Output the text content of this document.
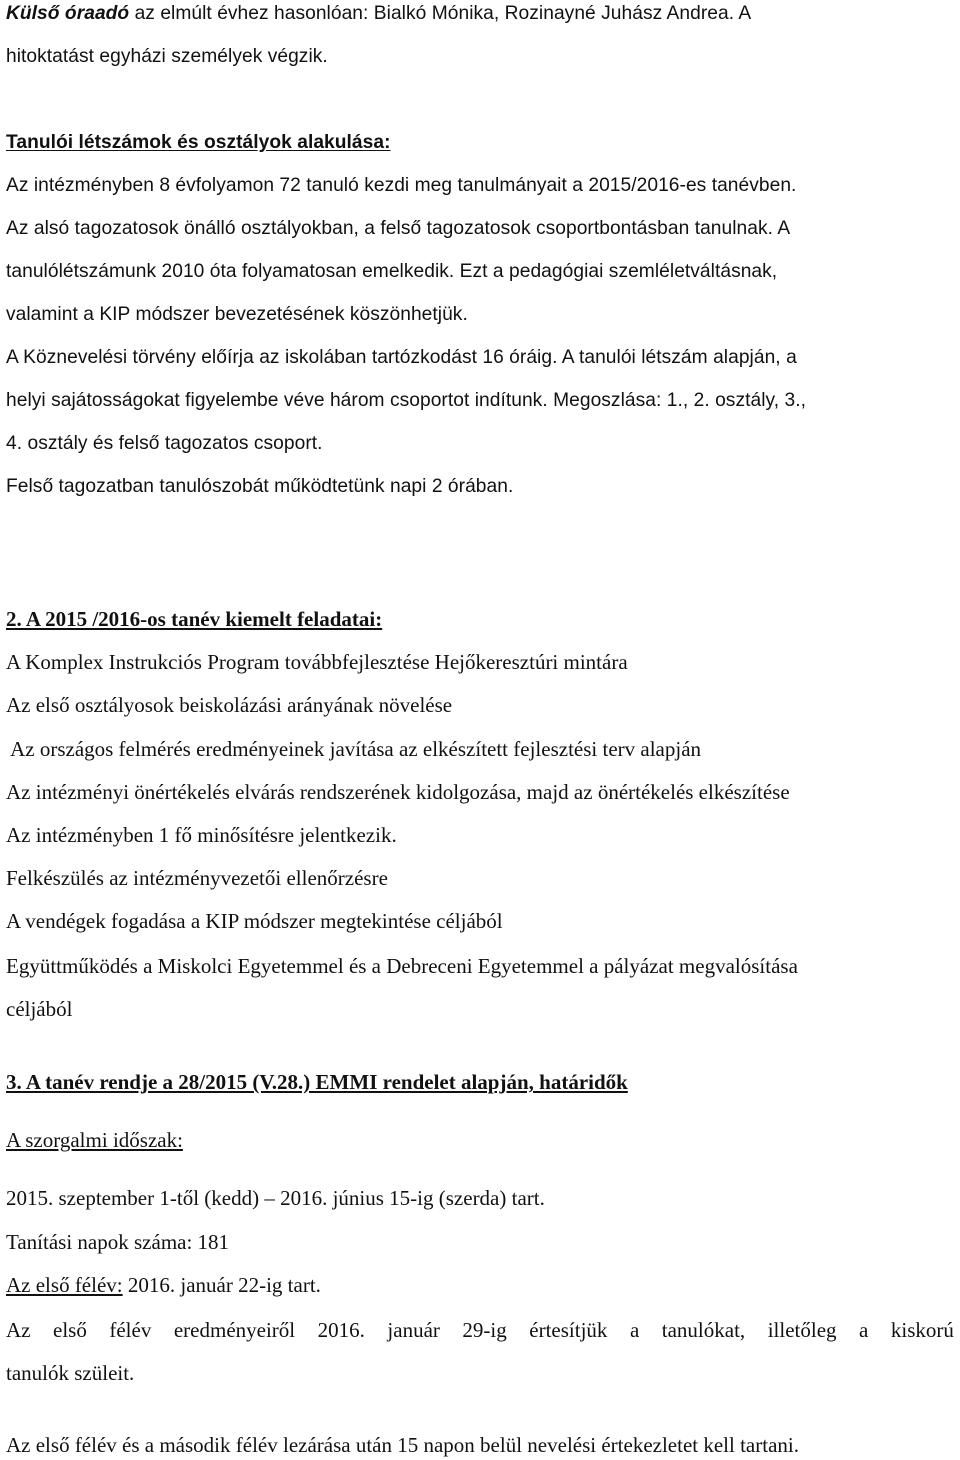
Külső óraadó az elmúlt évhez hasonlóan: Bialkó Mónika, Rozinayné Juhász Andrea. A

hitoktatást egyházi személyek végzik.

Tanulói létszámok és osztályok alakulása:

Az intézményben 8 évfolyamon 72 tanuló kezdi meg tanulmányait a 2015/2016-es tanévben.

Az alsó tagozatosok önálló osztályokban, a felső tagozatosok csoportbontásban tanulnak. A

tanulólétszámunk 2010 óta folyamatosan emelkedik. Ezt a pedagógiai szemléletváltásnak,

valamint a KIP módszer bevezetésének köszönhetjük.

A Köznevelési törvény előírja az iskolában tartózkodást 16 óráig. A tanulói létszám alapján, a

helyi sajátosságokat figyelembe véve három csoportot indítunk. Megoszlása: 1., 2. osztály, 3.,

4. osztály és felső tagozatos csoport.

Felső tagozatban tanulószobát működtetünk napi 2 órában.

2. A 2015 /2016-os tanév kiemelt feladatai:

A Komplex Instrukciós Program továbbfejlesztése Hejőkeresztúri mintára

Az első osztályosok beiskolázási arányának növelése

Az országos felmérés eredményeinek javítása az elkészített fejlesztési terv alapján

Az intézményi önértékelés elvárás rendszerének kidolgozása, majd az önértékelés elkészítése

Az intézményben 1 fő minősítésre jelentkezik.

Felkészülés az intézményvezetői ellenőrzésre

A vendégek fogadása a KIP módszer megtekintése céljából

Együttműködés a Miskolci Egyetemmel és a Debreceni Egyetemmel a pályázat megvalósítása

céljából

3. A tanév rendje a 28/2015 (V.28.) EMMI rendelet alapján, határidők

A szorgalmi időszak:

2015. szeptember 1-től (kedd) – 2016. június 15-ig (szerda) tart.

Tanítási napok száma: 181

Az első félév: 2016. január 22-ig tart.

Az első félév eredményeiről 2016. január 29-ig értesítjük a tanulókat, illetőleg a kiskorú

tanulók szüleit.

Az első félév és a második félév lezárása után 15 napon belül nevelési értekezletet kell tartani.
